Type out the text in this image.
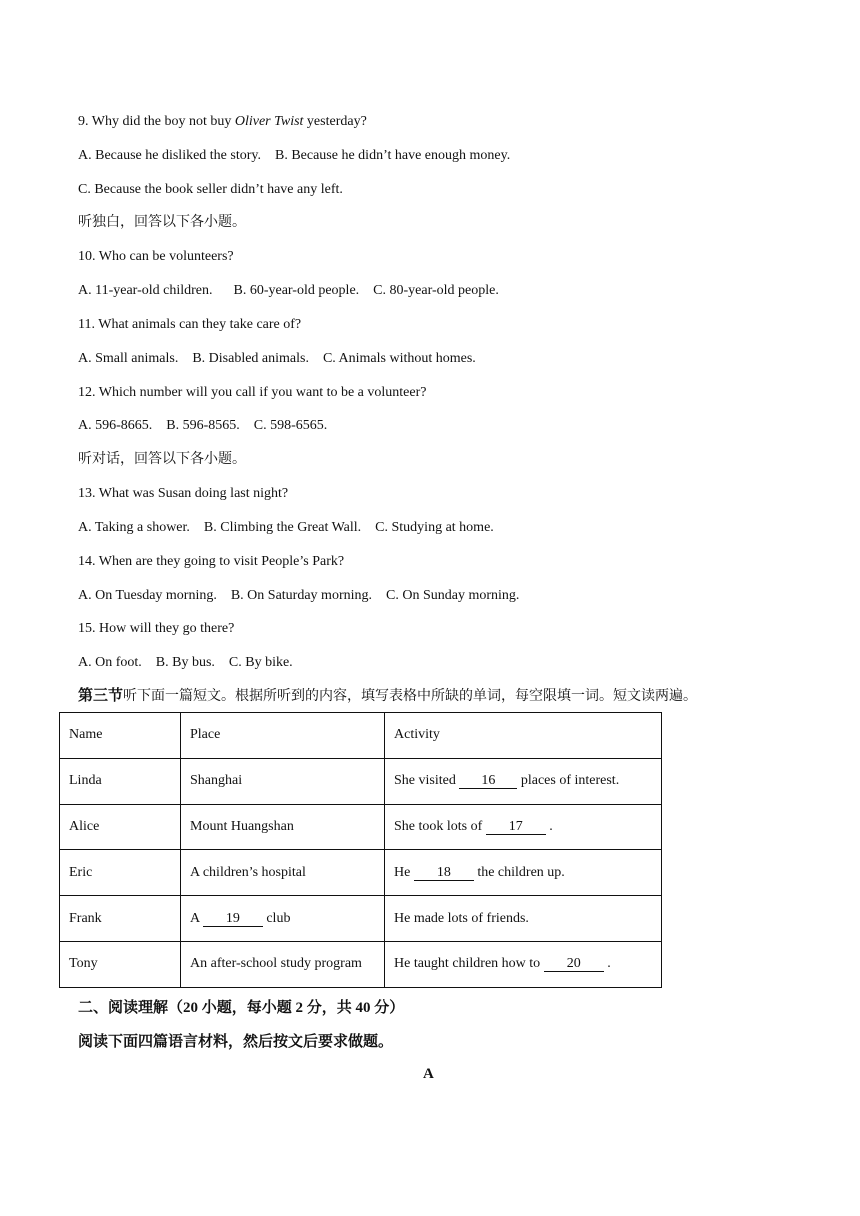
9. Why did the boy not buy Oliver Twist yesterday?
A. Because he disliked the story.    B. Because he didn’t have enough money.
C. Because the book seller didn’t have any left.
听独白，回答以下各小题。
10. Who can be volunteers?
A. 11-year-old children.      B. 60-year-old people.    C. 80-year-old people.
11. What animals can they take care of?
A. Small animals.    B. Disabled animals.    C. Animals without homes.
12. Which number will you call if you want to be a volunteer?
A. 596-8665.    B. 596-8565.    C. 598-6565.
听对话，回答以下各小题。
13. What was Susan doing last night?
A. Taking a shower.    B. Climbing the Great Wall.    C. Studying at home.
14. When are they going to visit People’s Park?
A. On Tuesday morning.    B. On Saturday morning.    C. On Sunday morning.
15. How will they go there?
A. On foot.    B. By bus.    C. By bike.
第三节听下面一篇短文。根据所听到的内容，填写表格中所缺的单词，每空限填一词。短文读两遍。
Name	Place	Activity
Linda	Shanghai	She visited 16 places of interest.
Alice	Mount Huangshan	She took lots of 17 .
Eric	A children’s hospital	He 18 the children up.
Frank	A 19 club	He made lots of friends.
Tony	An after-school study program	He taught children how to 20 .
二、阅读理解（20 小题，每小题 2 分，共 40 分）
阅读下面四篇语言材料，然后按文后要求做题。
A
